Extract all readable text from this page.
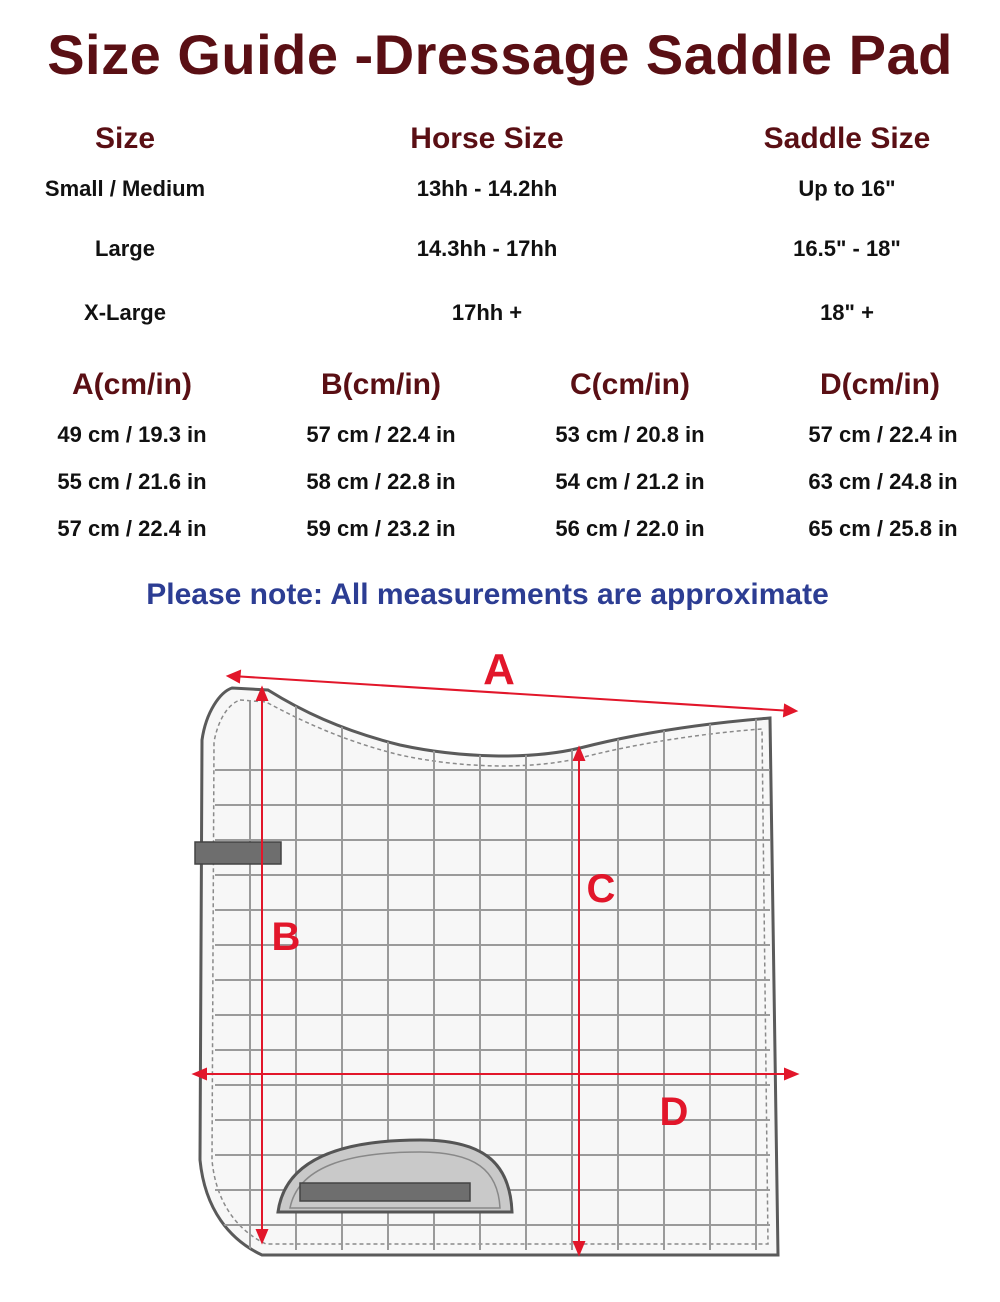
Size Guide -Dressage Saddle Pad
Size	Horse Size	Saddle Size
Small / Medium	13hh - 14.2hh	Up to 16"
Large	14.3hh - 17hh	16.5" - 18"
X-Large	17hh +	18" +
A(cm/in)	B(cm/in)	C(cm/in)	D(cm/in)
49 cm / 19.3 in	57 cm / 22.4 in	53 cm / 20.8 in	57 cm / 22.4 in
55 cm / 21.6 in	58 cm / 22.8 in	54 cm / 21.2 in	63 cm / 24.8 in
57 cm / 22.4 in	59 cm / 23.2 in	56 cm / 22.0 in	65 cm / 25.8 in
Please note: All measurements are approximate
A
B
C
D
